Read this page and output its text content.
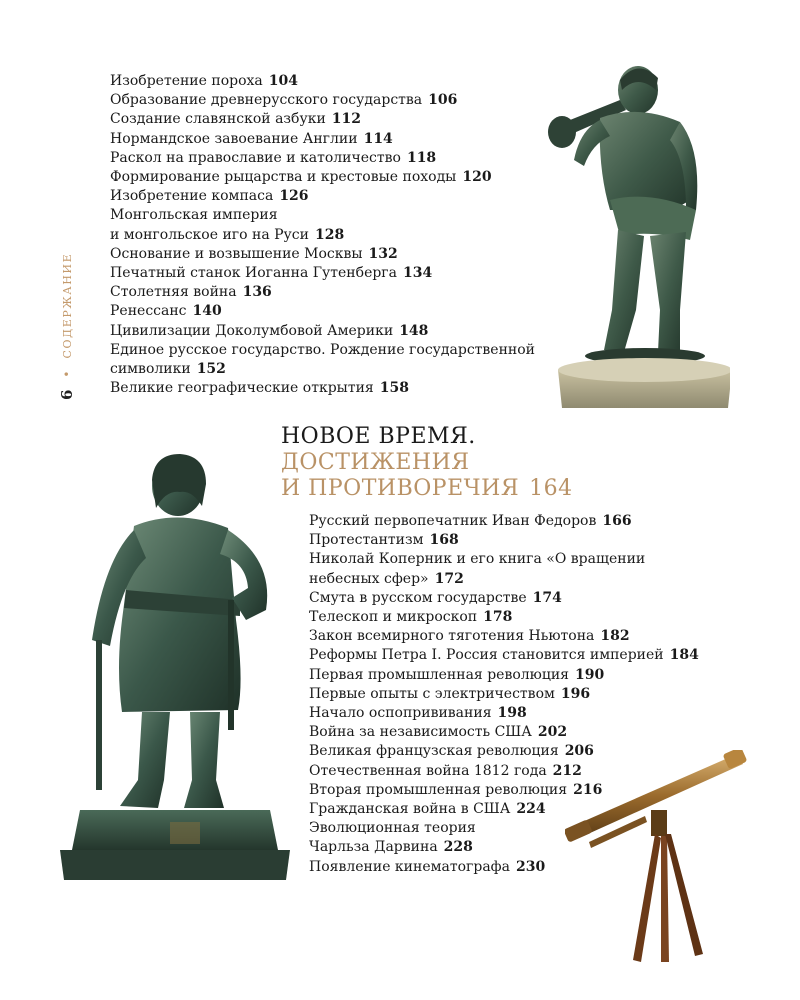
6
•
СОДЕРЖАНИЕ
Изобретение пороха 104
Образование древнерусского государства 106
Создание славянской азбуки 112
Нормандское завоевание Англии 114
Раскол на православие и католичество 118
Формирование рыцарства и крестовые походы 120
Изобретение компаса 126
Монгольская империя
и монгольское иго на Руси 128
Основание и возвышение Москвы 132
Печатный станок Иоганна Гутенберга 134
Столетняя война 136
Ренессанс 140
Цивилизации Доколумбовой Америки 148
Единое русское государство. Рождение государственной
символики 152
Великие географические открытия 158
НОВОЕ ВРЕМЯ.
ДОСТИЖЕНИЯ
И ПРОТИВОРЕЧИЯ 164
Русский первопечатник Иван Федоров 166
Протестантизм 168
Николай Коперник и его книга «О вращении
небесных сфер» 172
Смута в русском государстве 174
Телескоп и микроскоп 178
Закон всемирного тяготения Ньютона 182
Реформы Петра I. Россия становится империей 184
Первая промышленная революция 190
Первые опыты с электричеством 196
Начало оспопрививания 198
Война за независимость США 202
Великая французская революция 206
Отечественная война 1812 года 212
Вторая промышленная революция 216
Гражданская война в США 224
Эволюционная теория
Чарльза Дарвина 228
Появление кинематографа 230
